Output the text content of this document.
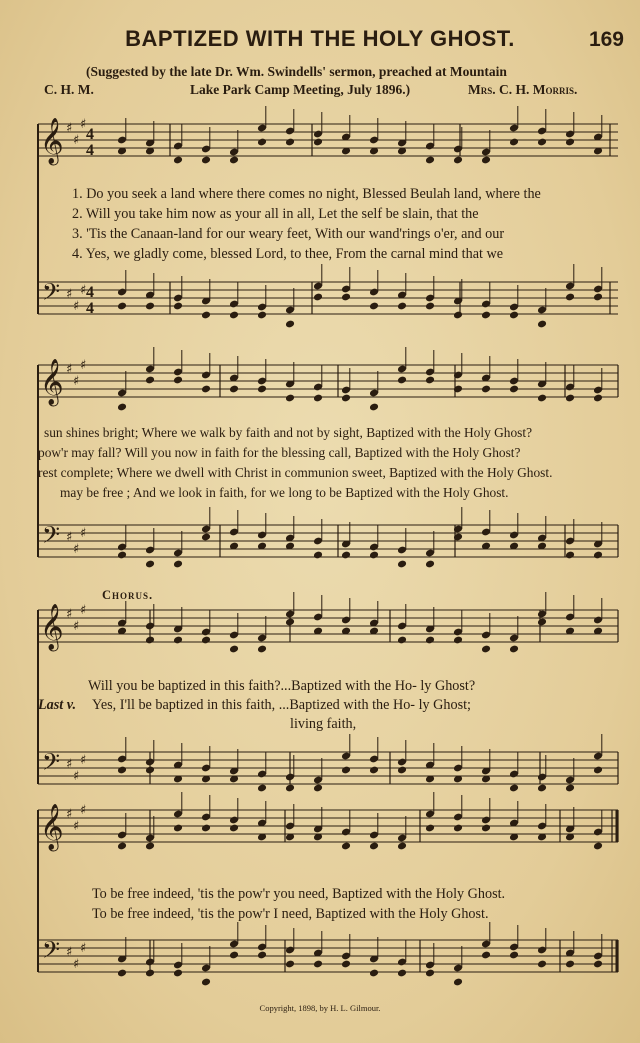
BAPTIZED WITH THE HOLY GHOST.	169
(Suggested by the late Dr. Wm. Swindells' sermon, preached at Mountain
C. H. M.	Lake Park Camp Meeting, July 1896.)	Mrs. C. H. Morris.
𝄞 ♯
♯
♯
𝄢 ♯
♯
♯
4
4
4
4
𝄞 ♯
♯
♯
𝄢 ♯
♯
♯
𝄞 ♯
♯
♯
𝄢 ♯
♯
♯
𝄞 ♯
♯
♯
𝄢 ♯
♯
♯
1. Do you seek a land where there comes no night, Blessed Beulah land, where the
2. Will you take him now as your all in all, Let the self be slain, that the
3. 'Tis the Canaan-land for our weary feet, With our wand'rings o'er, and our
4. Yes, we gladly come, blessed Lord, to thee, From the carnal mind that we
sun shines bright; Where we walk by faith and not by sight, Baptized with the Holy Ghost?
pow'r may fall? Will you now in faith for the blessing call, Baptized with the Holy Ghost?
rest complete; Where we dwell with Christ in communion sweet, Baptized with the Holy Ghost.
may be free ; And we look in faith, for we long to be Baptized with the Holy Ghost.
Chorus.
Will you be baptized in this faith?...Baptized with the Ho- ly Ghost?
Last v. Yes, I'll be baptized in this faith, ...Baptized with the Ho- ly Ghost;
living faith,
To be free indeed, 'tis the pow'r you need, Baptized with the Holy Ghost.
To be free indeed, 'tis the pow'r I need, Baptized with the Holy Ghost.
Copyright, 1898, by H. L. Gilmour.
